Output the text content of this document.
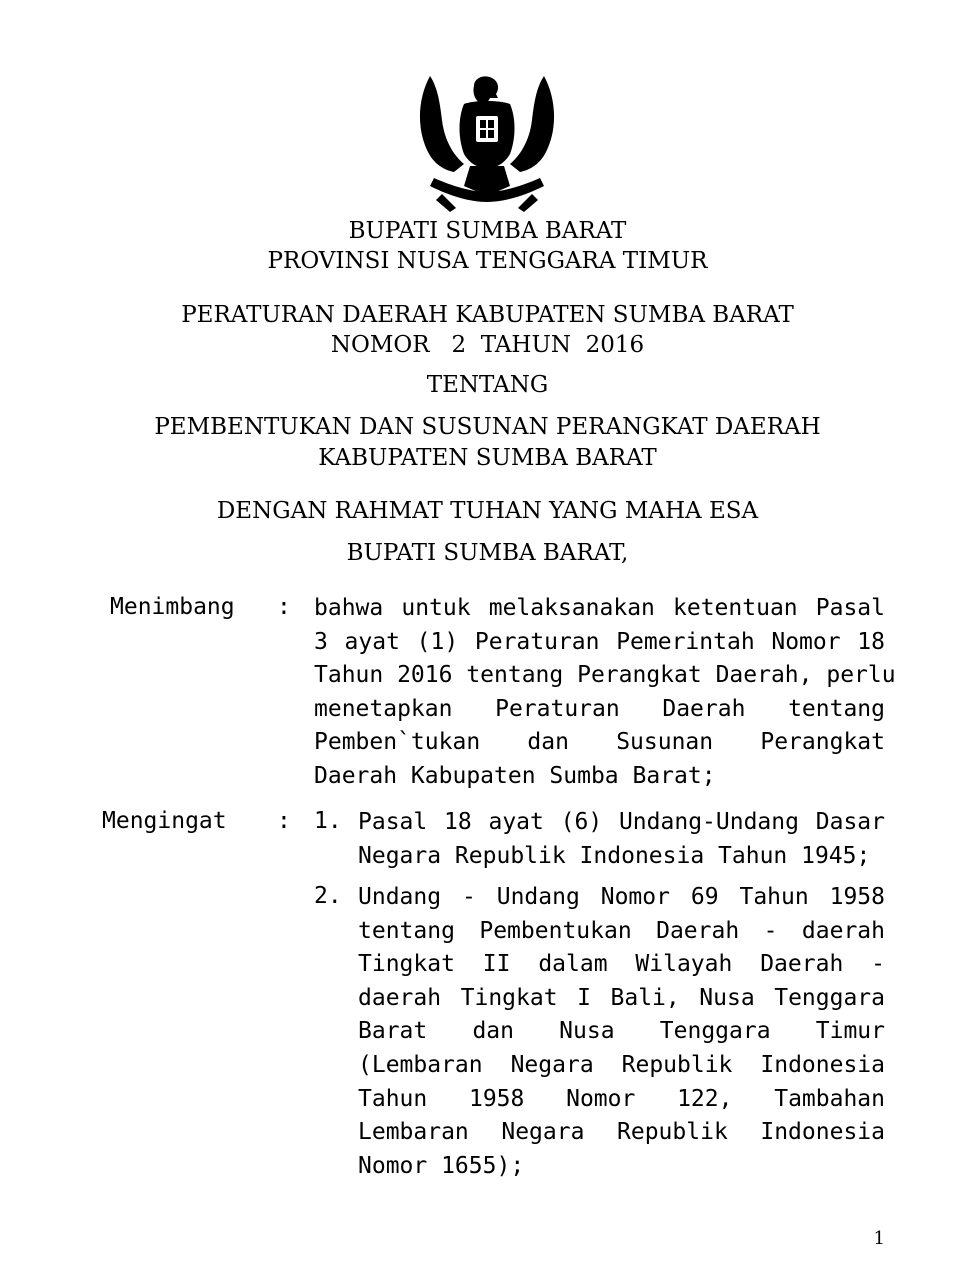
BUPATI SUMBA BARAT
PROVINSI NUSA TENGGARA TIMUR
PERATURAN DAERAH KABUPATEN SUMBA BARAT
NOMOR   2  TAHUN  2016
TENTANG
PEMBENTUKAN DAN SUSUNAN PERANGKAT DAERAH
KABUPATEN SUMBA BARAT
DENGAN RAHMAT TUHAN YANG MAHA ESA
BUPATI SUMBA BARAT,
Menimbang : bahwa untuk melaksanakan ketentuan Pasal
3 ayat (1) Peraturan Pemerintah Nomor 18
Tahun 2016 tentang Perangkat Daerah, perlu
menetapkan Peraturan Daerah tentang
Pemben`tukan dan Susunan Perangkat
Daerah Kabupaten Sumba Barat;
Mengingat : 1. Pasal 18 ayat (6) Undang-Undang Dasar
Negara Republik Indonesia Tahun 1945;
2. Undang - Undang Nomor 69 Tahun 1958
tentang Pembentukan Daerah - daerah
Tingkat II dalam Wilayah Daerah -
daerah Tingkat I Bali, Nusa Tenggara
Barat dan Nusa Tenggara Timur
(Lembaran Negara Republik Indonesia
Tahun 1958 Nomor 122, Tambahan
Lembaran Negara Republik Indonesia
Nomor 1655);
1
